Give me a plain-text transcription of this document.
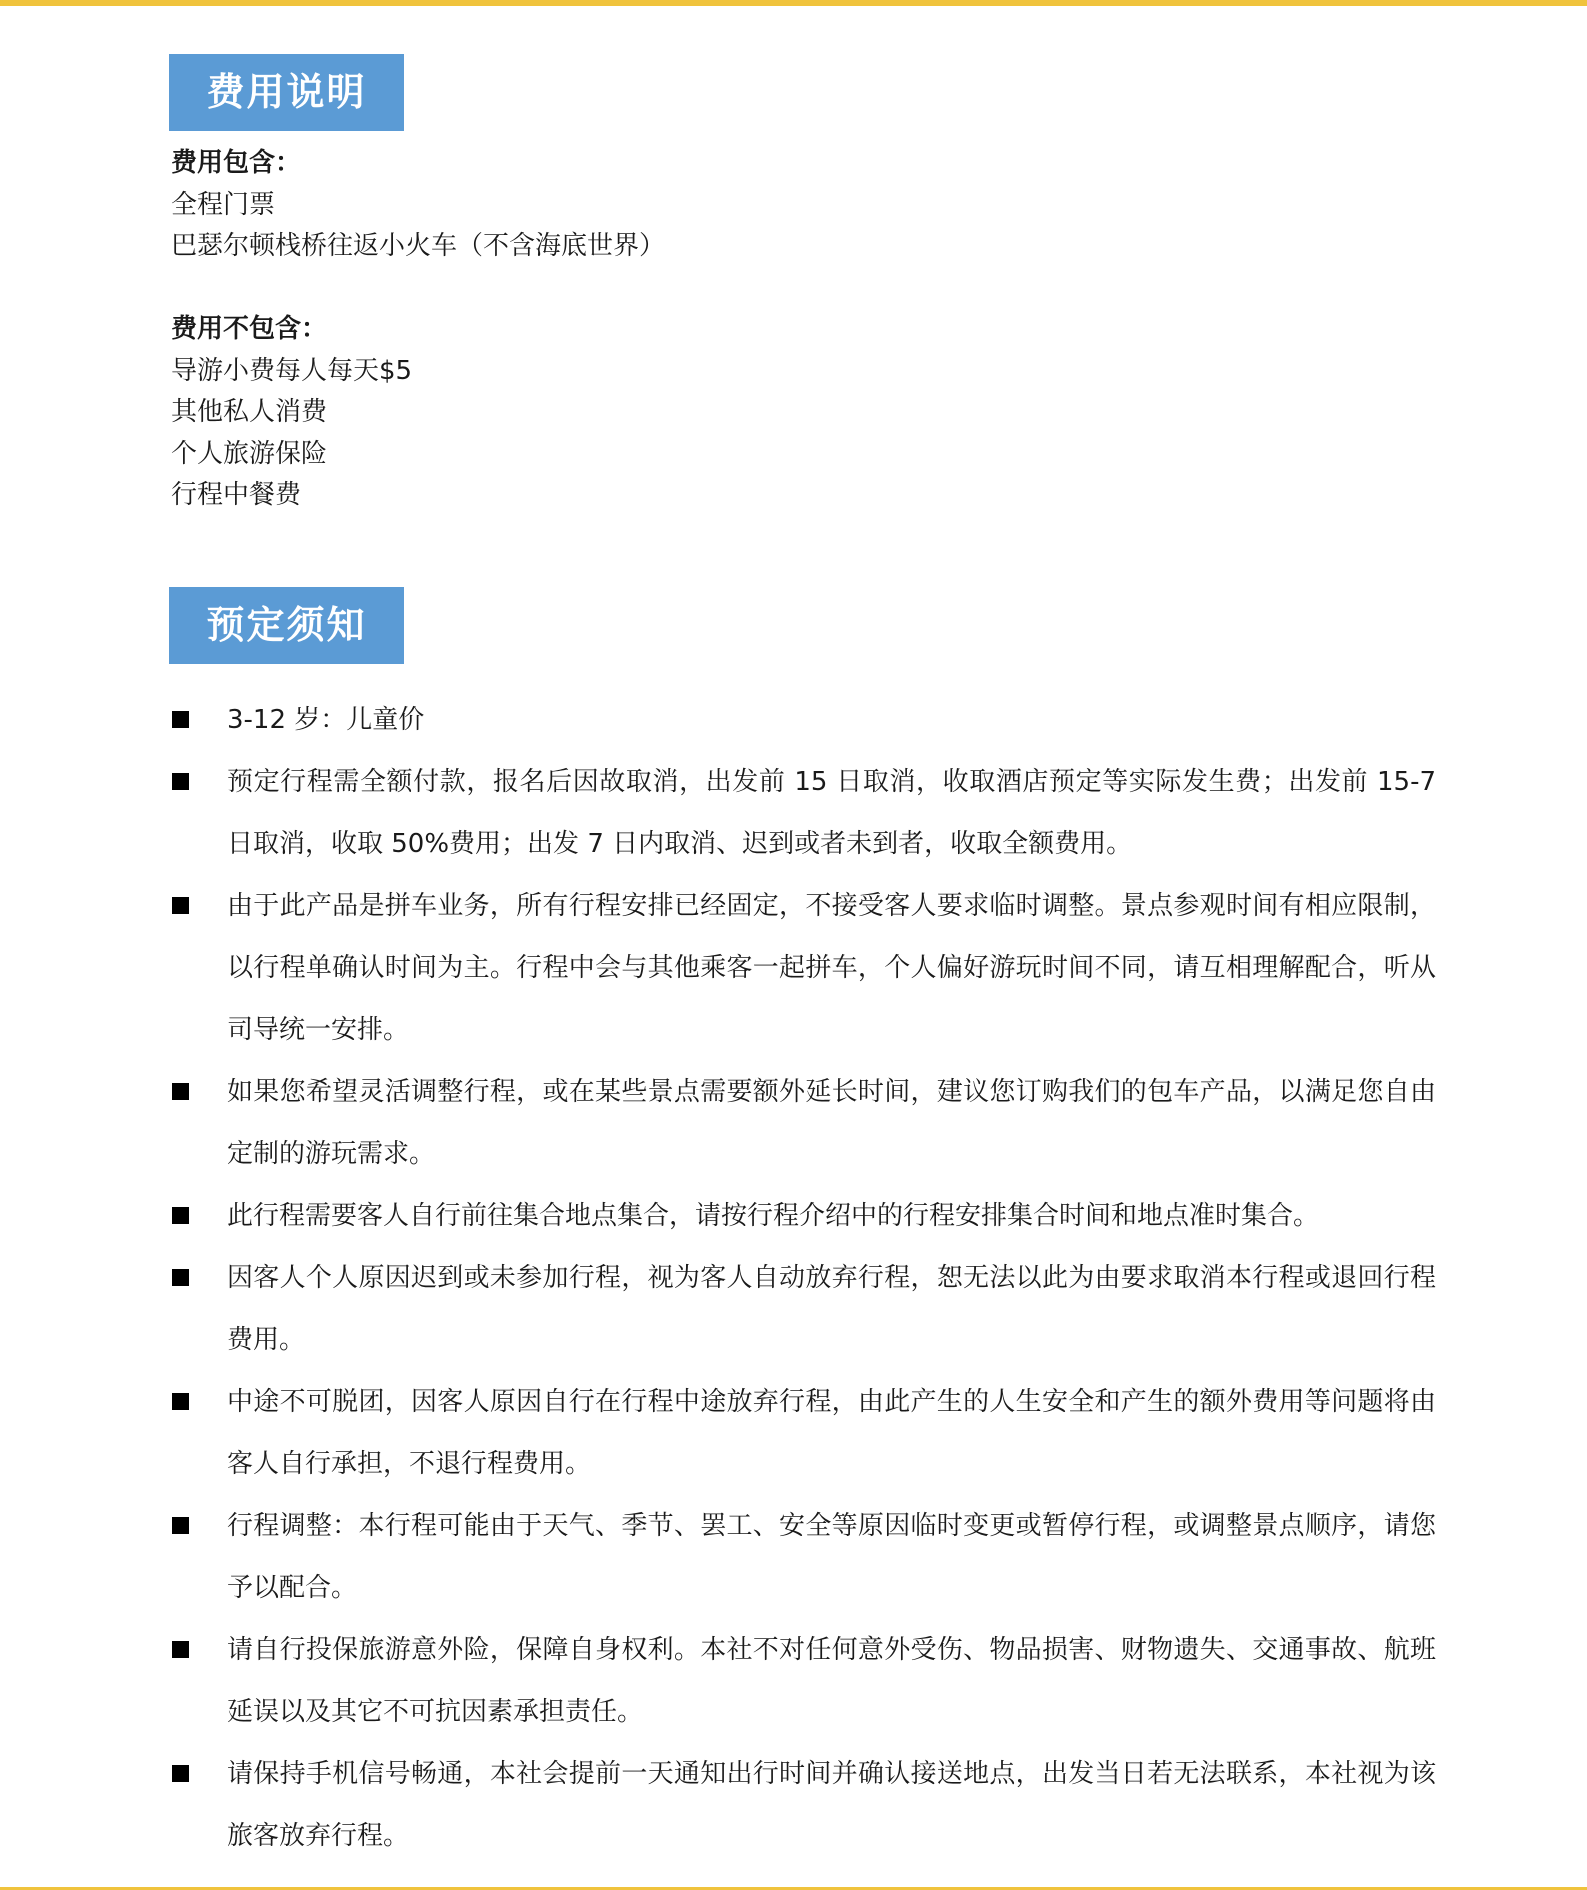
费用说明
费用包含：
全程门票
巴瑟尔顿栈桥往返小火车（不含海底世界）
费用不包含：
导游小费每人每天$5
其他私人消费
个人旅游保险
行程中餐费
预定须知
3-12 岁：儿童价
预定行程需全额付款，报名后因故取消，出发前 15 日取消，收取酒店预定等实际发生费；出发前 15-7 日取消，收取 50%费用；出发 7 日内取消、迟到或者未到者，收取全额费用。
由于此产品是拼车业务，所有行程安排已经固定，不接受客人要求临时调整。景点参观时间有相应限制，以行程单确认时间为主。行程中会与其他乘客一起拼车，个人偏好游玩时间不同，请互相理解配合，听从司导统一安排。
如果您希望灵活调整行程，或在某些景点需要额外延长时间，建议您订购我们的包车产品，以满足您自由定制的游玩需求。
此行程需要客人自行前往集合地点集合，请按行程介绍中的行程安排集合时间和地点准时集合。
因客人个人原因迟到或未参加行程，视为客人自动放弃行程，恕无法以此为由要求取消本行程或退回行程费用。
中途不可脱团，因客人原因自行在行程中途放弃行程，由此产生的人生安全和产生的额外费用等问题将由客人自行承担，不退行程费用。
行程调整：本行程可能由于天气、季节、罢工、安全等原因临时变更或暂停行程，或调整景点顺序，请您予以配合。
请自行投保旅游意外险，保障自身权利。本社不对任何意外受伤、物品损害、财物遗失、交通事故、航班延误以及其它不可抗因素承担责任。
请保持手机信号畅通，本社会提前一天通知出行时间并确认接送地点，出发当日若无法联系，本社视为该旅客放弃行程。
